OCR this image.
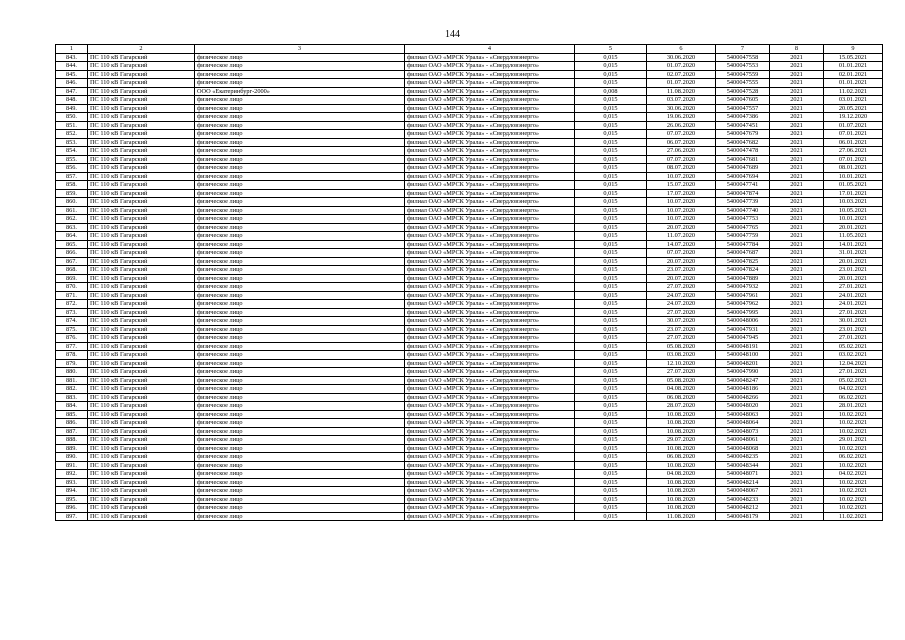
144
1	2	3	4	5	6	7	8	9
843.	ПС 110 кВ Гагарский	физическое лицо	филиал ОАО «МРСК Урала» - «Свердловэнерго»	0,015	30.06.2020	5400047558	2021	15.05.2021
844.	ПС 110 кВ Гагарский	физическое лицо	филиал ОАО «МРСК Урала» - «Свердловэнерго»	0,015	01.07.2020	5400047553	2021	01.01.2021
845.	ПС 110 кВ Гагарский	физическое лицо	филиал ОАО «МРСК Урала» - «Свердловэнерго»	0,015	02.07.2020	5400047559	2021	02.01.2021
846.	ПС 110 кВ Гагарский	физическое лицо	филиал ОАО «МРСК Урала» - «Свердловэнерго»	0,015	01.07.2020	5400047555	2021	01.01.2021
847.	ПС 110 кВ Гагарский	ООО «Екатеринбург-2000»	филиал ОАО «МРСК Урала» - «Свердловэнерго»	0,008	11.08.2020	5400047528	2021	11.02.2021
848.	ПС 110 кВ Гагарский	физическое лицо	филиал ОАО «МРСК Урала» - «Свердловэнерго»	0,015	03.07.2020	5400047605	2021	03.01.2021
849.	ПС 110 кВ Гагарский	физическое лицо	филиал ОАО «МРСК Урала» - «Свердловэнерго»	0,015	30.06.2020	5400047557	2021	20.05.2021
850.	ПС 110 кВ Гагарский	физическое лицо	филиал ОАО «МРСК Урала» - «Свердловэнерго»	0,015	19.06.2020	5400047386	2021	19.12.2020
851.	ПС 110 кВ Гагарский	физическое лицо	филиал ОАО «МРСК Урала» - «Свердловэнерго»	0,015	26.06.2020	5400047451	2021	01.07.2021
852.	ПС 110 кВ Гагарский	физическое лицо	филиал ОАО «МРСК Урала» - «Свердловэнерго»	0,015	07.07.2020	5400047679	2021	07.01.2021
853.	ПС 110 кВ Гагарский	физическое лицо	филиал ОАО «МРСК Урала» - «Свердловэнерго»	0,015	06.07.2020	5400047682	2021	06.01.2021
854.	ПС 110 кВ Гагарский	физическое лицо	филиал ОАО «МРСК Урала» - «Свердловэнерго»	0,015	27.06.2020	5400047478	2021	27.06.2021
855.	ПС 110 кВ Гагарский	физическое лицо	филиал ОАО «МРСК Урала» - «Свердловэнерго»	0,015	07.07.2020	5400047681	2021	07.01.2021
856.	ПС 110 кВ Гагарский	физическое лицо	филиал ОАО «МРСК Урала» - «Свердловэнерго»	0,015	08.07.2020	5400047689	2021	08.01.2021
857.	ПС 110 кВ Гагарский	физическое лицо	филиал ОАО «МРСК Урала» - «Свердловэнерго»	0,015	10.07.2020	5400047694	2021	10.01.2021
858.	ПС 110 кВ Гагарский	физическое лицо	филиал ОАО «МРСК Урала» - «Свердловэнерго»	0,015	15.07.2020	5400047741	2021	01.05.2021
859.	ПС 110 кВ Гагарский	физическое лицо	филиал ОАО «МРСК Урала» - «Свердловэнерго»	0,015	17.07.2020	5400047874	2021	17.01.2021
860.	ПС 110 кВ Гагарский	физическое лицо	филиал ОАО «МРСК Урала» - «Свердловэнерго»	0,015	10.07.2020	5400047739	2021	10.03.2021
861.	ПС 110 кВ Гагарский	физическое лицо	филиал ОАО «МРСК Урала» - «Свердловэнерго»	0,015	10.07.2020	5400047740	2021	10.05.2021
862.	ПС 110 кВ Гагарский	физическое лицо	филиал ОАО «МРСК Урала» - «Свердловэнерго»	0,015	10.07.2020	5400047753	2021	10.01.2021
863.	ПС 110 кВ Гагарский	физическое лицо	филиал ОАО «МРСК Урала» - «Свердловэнерго»	0,015	20.07.2020	5400047765	2021	20.01.2021
864.	ПС 110 кВ Гагарский	физическое лицо	филиал ОАО «МРСК Урала» - «Свердловэнерго»	0,015	11.07.2020	5400047759	2021	11.05.2021
865.	ПС 110 кВ Гагарский	физическое лицо	филиал ОАО «МРСК Урала» - «Свердловэнерго»	0,015	14.07.2020	5400047784	2021	14.01.2021
866.	ПС 110 кВ Гагарский	физическое лицо	филиал ОАО «МРСК Урала» - «Свердловэнерго»	0,015	07.07.2020	5400047687	2021	31.01.2021
867.	ПС 110 кВ Гагарский	физическое лицо	филиал ОАО «МРСК Урала» - «Свердловэнерго»	0,015	20.07.2020	5400047825	2021	20.01.2021
868.	ПС 110 кВ Гагарский	физическое лицо	филиал ОАО «МРСК Урала» - «Свердловэнерго»	0,015	23.07.2020	5400047824	2021	23.01.2021
869.	ПС 110 кВ Гагарский	физическое лицо	филиал ОАО «МРСК Урала» - «Свердловэнерго»	0,015	20.07.2020	5400047889	2021	20.01.2021
870.	ПС 110 кВ Гагарский	физическое лицо	филиал ОАО «МРСК Урала» - «Свердловэнерго»	0,015	27.07.2020	5400047932	2021	27.01.2021
871.	ПС 110 кВ Гагарский	физическое лицо	филиал ОАО «МРСК Урала» - «Свердловэнерго»	0,015	24.07.2020	5400047961	2021	24.01.2021
872.	ПС 110 кВ Гагарский	физическое лицо	филиал ОАО «МРСК Урала» - «Свердловэнерго»	0,015	24.07.2020	5400047962	2021	24.01.2021
873.	ПС 110 кВ Гагарский	физическое лицо	филиал ОАО «МРСК Урала» - «Свердловэнерго»	0,015	27.07.2020	5400047995	2021	27.01.2021
874.	ПС 110 кВ Гагарский	физическое лицо	филиал ОАО «МРСК Урала» - «Свердловэнерго»	0,015	30.07.2020	5400048006	2021	30.01.2021
875.	ПС 110 кВ Гагарский	физическое лицо	филиал ОАО «МРСК Урала» - «Свердловэнерго»	0,015	23.07.2020	5400047931	2021	23.01.2021
876.	ПС 110 кВ Гагарский	физическое лицо	филиал ОАО «МРСК Урала» - «Свердловэнерго»	0,015	27.07.2020	5400047945	2021	27.01.2021
877.	ПС 110 кВ Гагарский	физическое лицо	филиал ОАО «МРСК Урала» - «Свердловэнерго»	0,015	05.08.2020	5400048191	2021	05.02.2021
878.	ПС 110 кВ Гагарский	физическое лицо	филиал ОАО «МРСК Урала» - «Свердловэнерго»	0,015	03.08.2020	5400048100	2021	03.02.2021
879.	ПС 110 кВ Гагарский	физическое лицо	филиал ОАО «МРСК Урала» - «Свердловэнерго»	0,015	12.10.2020	5400048201	2021	12.04.2021
880.	ПС 110 кВ Гагарский	физическое лицо	филиал ОАО «МРСК Урала» - «Свердловэнерго»	0,015	27.07.2020	5400047990	2021	27.01.2021
881.	ПС 110 кВ Гагарский	физическое лицо	филиал ОАО «МРСК Урала» - «Свердловэнерго»	0,015	05.08.2020	5400048247	2021	05.02.2021
882.	ПС 110 кВ Гагарский	физическое лицо	филиал ОАО «МРСК Урала» - «Свердловэнерго»	0,015	04.08.2020	5400048186	2021	04.02.2021
883.	ПС 110 кВ Гагарский	физическое лицо	филиал ОАО «МРСК Урала» - «Свердловэнерго»	0,015	06.08.2020	5400048266	2021	06.02.2021
884.	ПС 110 кВ Гагарский	физическое лицо	филиал ОАО «МРСК Урала» - «Свердловэнерго»	0,015	28.07.2020	5400048020	2021	28.01.2021
885.	ПС 110 кВ Гагарский	физическое лицо	филиал ОАО «МРСК Урала» - «Свердловэнерго»	0,015	10.08.2020	5400048063	2021	10.02.2021
886.	ПС 110 кВ Гагарский	физическое лицо	филиал ОАО «МРСК Урала» - «Свердловэнерго»	0,015	10.08.2020	5400048064	2021	10.02.2021
887.	ПС 110 кВ Гагарский	физическое лицо	филиал ОАО «МРСК Урала» - «Свердловэнерго»	0,015	10.08.2020	5400048073	2021	10.02.2021
888.	ПС 110 кВ Гагарский	физическое лицо	филиал ОАО «МРСК Урала» - «Свердловэнерго»	0,015	29.07.2020	5400048061	2021	29.01.2021
889.	ПС 110 кВ Гагарский	физическое лицо	филиал ОАО «МРСК Урала» - «Свердловэнерго»	0,015	10.08.2020	5400048068	2021	10.02.2021
890.	ПС 110 кВ Гагарский	физическое лицо	филиал ОАО «МРСК Урала» - «Свердловэнерго»	0,015	06.08.2020	5400048235	2021	06.02.2021
891.	ПС 110 кВ Гагарский	физическое лицо	филиал ОАО «МРСК Урала» - «Свердловэнерго»	0,015	10.08.2020	5400048344	2021	10.02.2021
892.	ПС 110 кВ Гагарский	физическое лицо	филиал ОАО «МРСК Урала» - «Свердловэнерго»	0,015	04.08.2020	5400048071	2021	04.02.2021
893.	ПС 110 кВ Гагарский	физическое лицо	филиал ОАО «МРСК Урала» - «Свердловэнерго»	0,015	10.08.2020	5400048214	2021	10.02.2021
894.	ПС 110 кВ Гагарский	физическое лицо	филиал ОАО «МРСК Урала» - «Свердловэнерго»	0,015	10.08.2020	5400048067	2021	10.02.2021
895.	ПС 110 кВ Гагарский	физическое лицо	филиал ОАО «МРСК Урала» - «Свердловэнерго»	0,015	10.08.2020	5400048233	2021	10.02.2021
896.	ПС 110 кВ Гагарский	физическое лицо	филиал ОАО «МРСК Урала» - «Свердловэнерго»	0,015	10.08.2020	5400048212	2021	10.02.2021
897.	ПС 110 кВ Гагарский	физическое лицо	филиал ОАО «МРСК Урала» - «Свердловэнерго»	0,015	11.08.2020	5400048179	2021	11.02.2021
